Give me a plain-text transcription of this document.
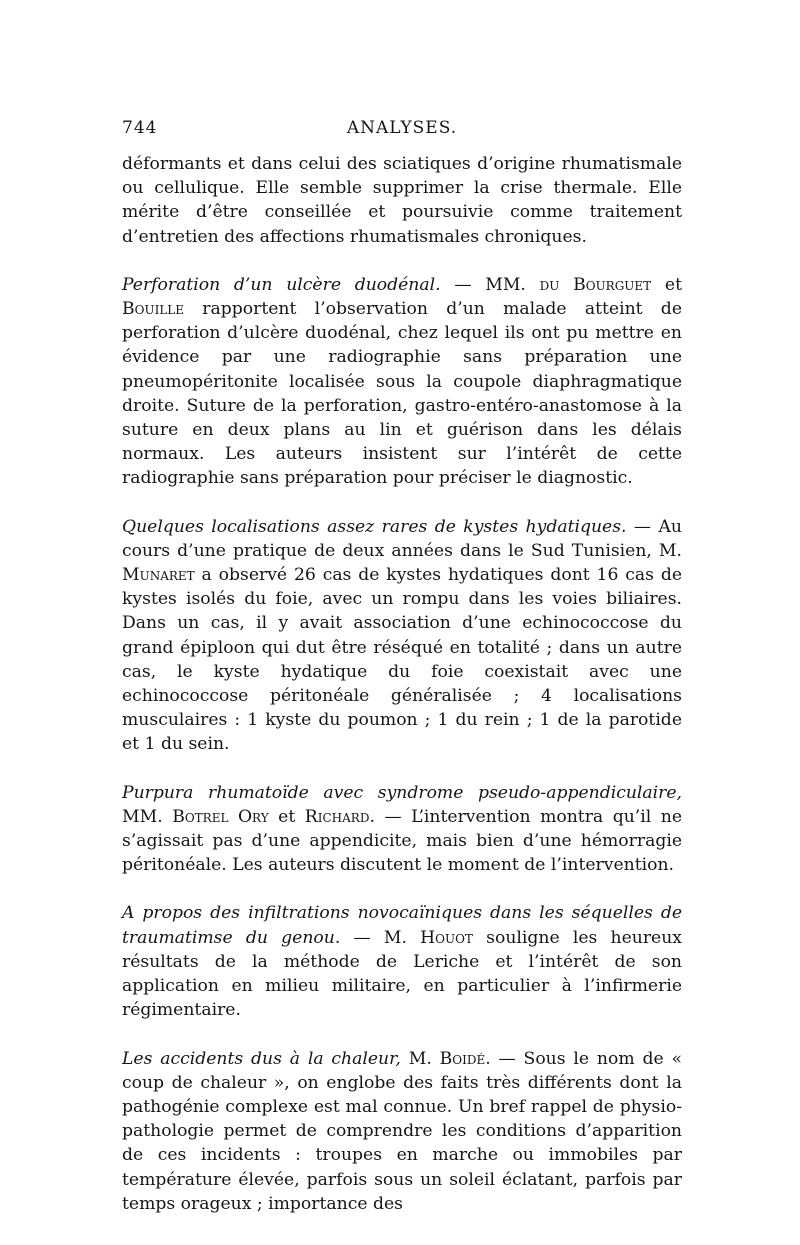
744	ANALYSES.

déformants et dans celui des sciatiques d’origine rhumatismale ou cellulique. Elle semble supprimer la crise thermale. Elle mérite d’être conseillée et poursuivie comme traitement d’entretien des affections rhumatismales chroniques.

Perforation d’un ulcère duodénal. — MM. du Bourguet et Bouille rapportent l’observation d’un malade atteint de perforation d’ulcère duodénal, chez lequel ils ont pu mettre en évidence par une radiographie sans préparation une pneumopéritonite localisée sous la coupole diaphragmatique droite. Suture de la perforation, gastro-entéro-anastomose à la suture en deux plans au lin et guérison dans les délais normaux. Les auteurs insistent sur l’intérêt de cette radiographie sans préparation pour préciser le diagnostic.

Quelques localisations assez rares de kystes hydatiques. — Au cours d’une pratique de deux années dans le Sud Tunisien, M. Munaret a observé 26 cas de kystes hydatiques dont 16 cas de kystes isolés du foie, avec un rompu dans les voies biliaires. Dans un cas, il y avait association d’une echinococcose du grand épiploon qui dut être réséqué en totalité ; dans un autre cas, le kyste hydatique du foie coexistait avec une echinococcose péritonéale généralisée ; 4 localisations musculaires : 1 kyste du poumon ; 1 du rein ; 1 de la parotide et 1 du sein.

Purpura rhumatoïde avec syndrome pseudo-appendiculaire, MM. Botrel Ory et Richard. — L’intervention montra qu’il ne s’agissait pas d’une appendicite, mais bien d’une hémorragie péritonéale. Les auteurs discutent le moment de l’intervention.

A propos des infiltrations novocaïniques dans les séquelles de traumatimse du genou. — M. Houot souligne les heureux résultats de la méthode de Leriche et l’intérêt de son application en milieu militaire, en particulier à l’infirmerie régimentaire.

Les accidents dus à la chaleur, M. Boidé. — Sous le nom de « coup de chaleur », on englobe des faits très différents dont la pathogénie complexe est mal connue. Un bref rappel de physio-pathologie permet de comprendre les conditions d’apparition de ces incidents : troupes en marche ou immobiles par température élevée, parfois sous un soleil éclatant, parfois par temps orageux ; importance des
